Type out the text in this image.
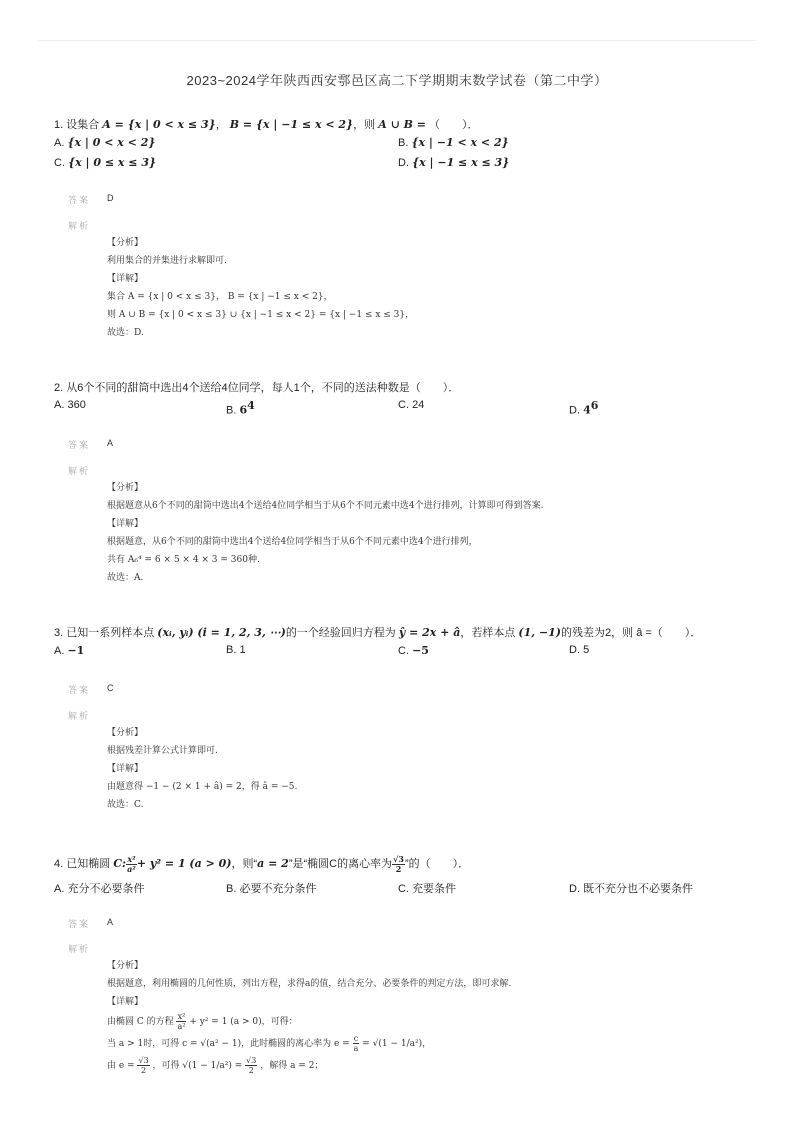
2023~2024学年陕西西安鄠邑区高二下学期期末数学试卷（第二中学）
1. 设集合 A = {x | 0 < x ≤ 3}， B = {x | −1 ≤ x < 2}，则 A ∪ B = （　　）．
A. {x | 0 < x < 2}	B. {x | −1 < x < 2}
C. {x | 0 ≤ x ≤ 3}	D. {x | −1 ≤ x ≤ 3}
答案 D
解析
【分析】
利用集合的并集进行求解即可.
【详解】
集合 A = {x | 0 < x ≤ 3}， B = {x | −1 ≤ x < 2}，
则 A ∪ B = {x | 0 < x ≤ 3} ∪ {x | −1 ≤ x < 2} = {x | −1 ≤ x ≤ 3}，
故选：D.
2. 从6个不同的甜筒中选出4个送给4位同学，每人1个，不同的送法种数是（　　）．
A. 360	B. $6^4$	C. 24	D. $4^6$
答案 A
解析
【分析】
根据题意从6个不同的甜筒中选出4个送给4位同学相当于从6个不同元素中选4个进行排列，计算即可得到答案.
【详解】
根据题意，从6个不同的甜筒中选出4个送给4位同学相当于从6个不同元素中选4个进行排列，
共有 A₆⁴ = 6 × 5 × 4 × 3 = 360种.
故选：A.
3. 已知一系列样本点 (xᵢ, yᵢ) (i = 1, 2, 3, ⋯)的一个经验回归方程为 ŷ = 2x + â，若样本点 (1, −1)的残差为2，则 â =（　　）．
A. −1	B. 1	C. −5	D. 5
答案 C
解析
【分析】
根据残差计算公式计算即可.
【详解】
由题意得 −1 − (2 × 1 + â) = 2，得 â = −5.
故选：C.
4. 已知椭圆 C: $\frac{\text{x²}}{\text{a²}} + y^2 = 1$ (a > 0)，则“a = 2”是“椭圆C的离心率为 $\frac{√3}{2}$ ”的（　　）．
A. 充分不必要条件	B. 必要不充分条件	C. 充要条件	D. 既不充分也不必要条件
答案 A
解析
【分析】
根据题意，利用椭圆的几何性质，列出方程，求得a的值，结合充分、必要条件的判定方法，即可求解.
【详解】
由椭圆 C 的方程 $\frac{\text{x²}}{\text{a²}} + y^2 = 1$ (a > 0)，可得：
当 a > 1时，可得 c = √(a² − 1)，此时椭圆的离心率为 $e = \frac{c}{a} = √(1 - 1/a^2)$，
由 $e = \frac{√3}{2}$ ，可得 $√(1 - 1/a^2) = \frac{√3}{2}$ ，解得 a = 2；
